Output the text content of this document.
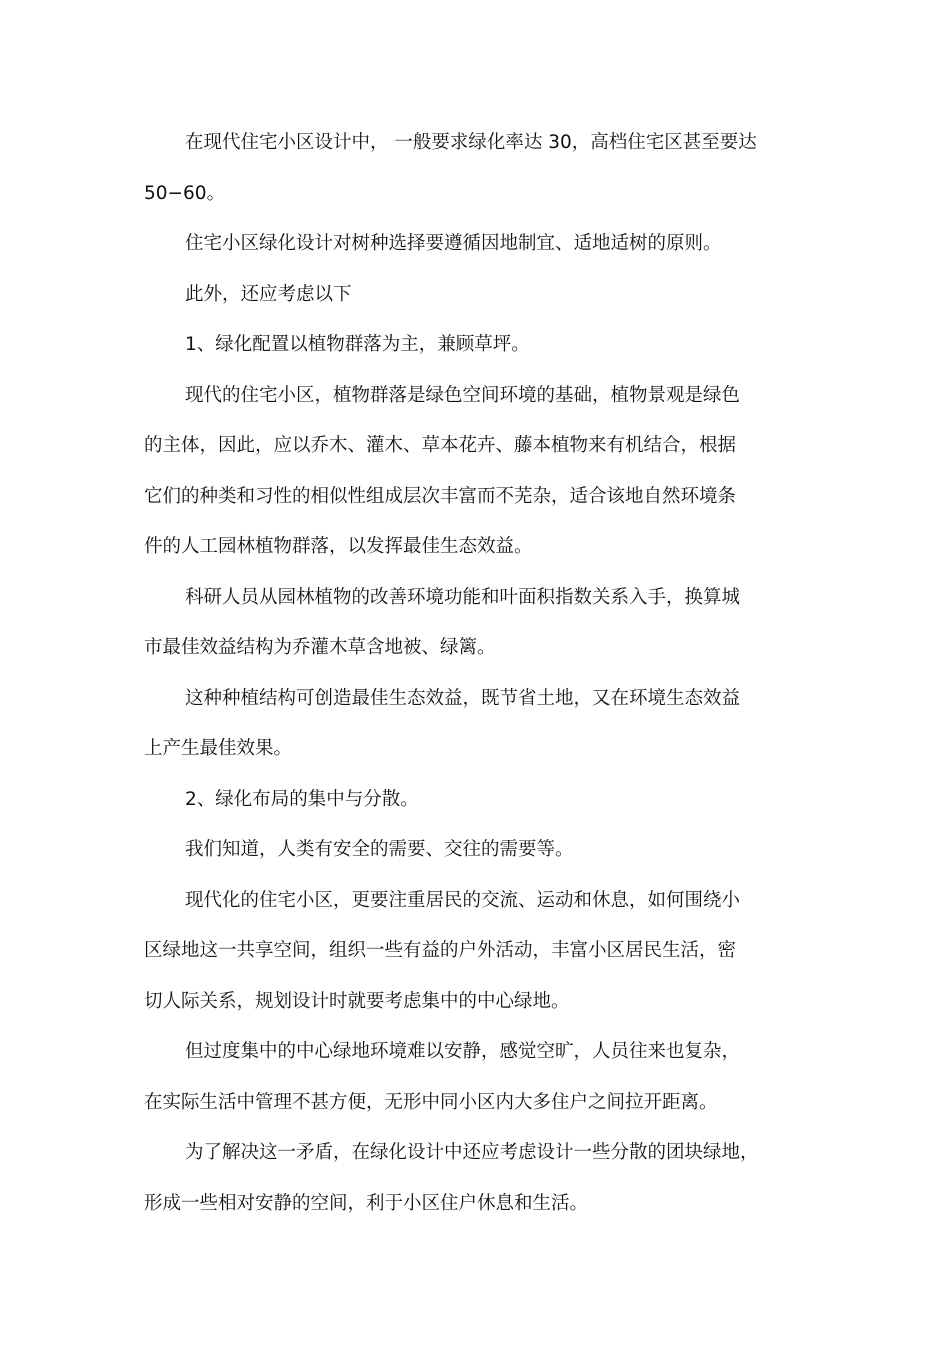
在现代住宅小区设计中， 一般要求绿化率达 30，高档住宅区甚至要达
50−60。

住宅小区绿化设计对树种选择要遵循因地制宜、适地适树的原则。

此外，还应考虑以下

1、绿化配置以植物群落为主，兼顾草坪。

现代的住宅小区，植物群落是绿色空间环境的基础，植物景观是绿色
的主体，因此，应以乔木、灌木、草本花卉、藤本植物来有机结合，根据
它们的种类和习性的相似性组成层次丰富而不芜杂，适合该地自然环境条
件的人工园林植物群落，以发挥最佳生态效益。

科研人员从园林植物的改善环境功能和叶面积指数关系入手，换算城
市最佳效益结构为乔灌木草含地被、绿篱。

这种种植结构可创造最佳生态效益，既节省土地，又在环境生态效益
上产生最佳效果。

2、绿化布局的集中与分散。

我们知道，人类有安全的需要、交往的需要等。

现代化的住宅小区，更要注重居民的交流、运动和休息，如何围绕小
区绿地这一共享空间，组织一些有益的户外活动，丰富小区居民生活，密
切人际关系，规划设计时就要考虑集中的中心绿地。

但过度集中的中心绿地环境难以安静，感觉空旷，人员往来也复杂，
在实际生活中管理不甚方便，无形中同小区内大多住户之间拉开距离。

为了解决这一矛盾，在绿化设计中还应考虑设计一些分散的团块绿地，
形成一些相对安静的空间，利于小区住户休息和生活。
